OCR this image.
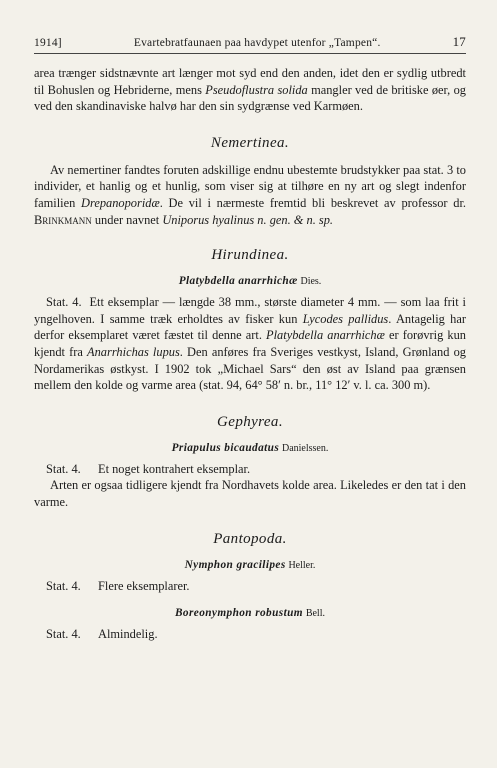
1914]	Evartebratfaunaen paa havdypet utenfor „Tampen“.	17

area trænger sidstnævnte art længer mot syd end den anden, idet den er sydlig utbredt til Bohuslen og Hebriderne, mens Pseudoflustra solida mangler ved de britiske øer, og ved den skandinaviske halvø har den sin sydgrænse ved Karmøen.

Nemertinea.

Av nemertiner fandtes foruten adskillige endnu ubestemte brudstykker paa stat. 3 to individer, et hanlig og et hunlig, som viser sig at tilhøre en ny art og slegt indenfor familien Drepanoporidæ. De vil i nærmeste fremtid bli beskrevet av professor dr. Brinkmann under navnet Uniporus hyalinus n. gen. & n. sp.

Hirundinea.

Platybdella anarrhichæ Dies.

Stat. 4. Ett eksemplar — længde 38 mm., største diameter 4 mm. — som laa frit i yngelhoven. I samme træk erholdtes av fisker kun Lycodes pallidus. Antagelig har derfor eksemplaret været fæstet til denne art. Platybdella anarrhichæ er forøvrig kun kjendt fra Anarrhichas lupus. Den anføres fra Sveriges vestkyst, Island, Grønland og Nordamerikas østkyst. I 1902 tok „Michael Sars“ den øst av Island paa grænsen mellem den kolde og varme area (stat. 94, 64° 58′ n. br., 11° 12′ v. l. ca. 300 m).

Gephyrea.

Priapulus bicaudatus Danielssen.

Stat. 4. Et noget kontrahert eksemplar.

Arten er ogsaa tidligere kjendt fra Nordhavets kolde area. Likeledes er den tat i den varme.

Pantopoda.

Nymphon gracilipes Heller.

Stat. 4. Flere eksemplarer.

Boreonymphon robustum Bell.

Stat. 4. Almindelig.
